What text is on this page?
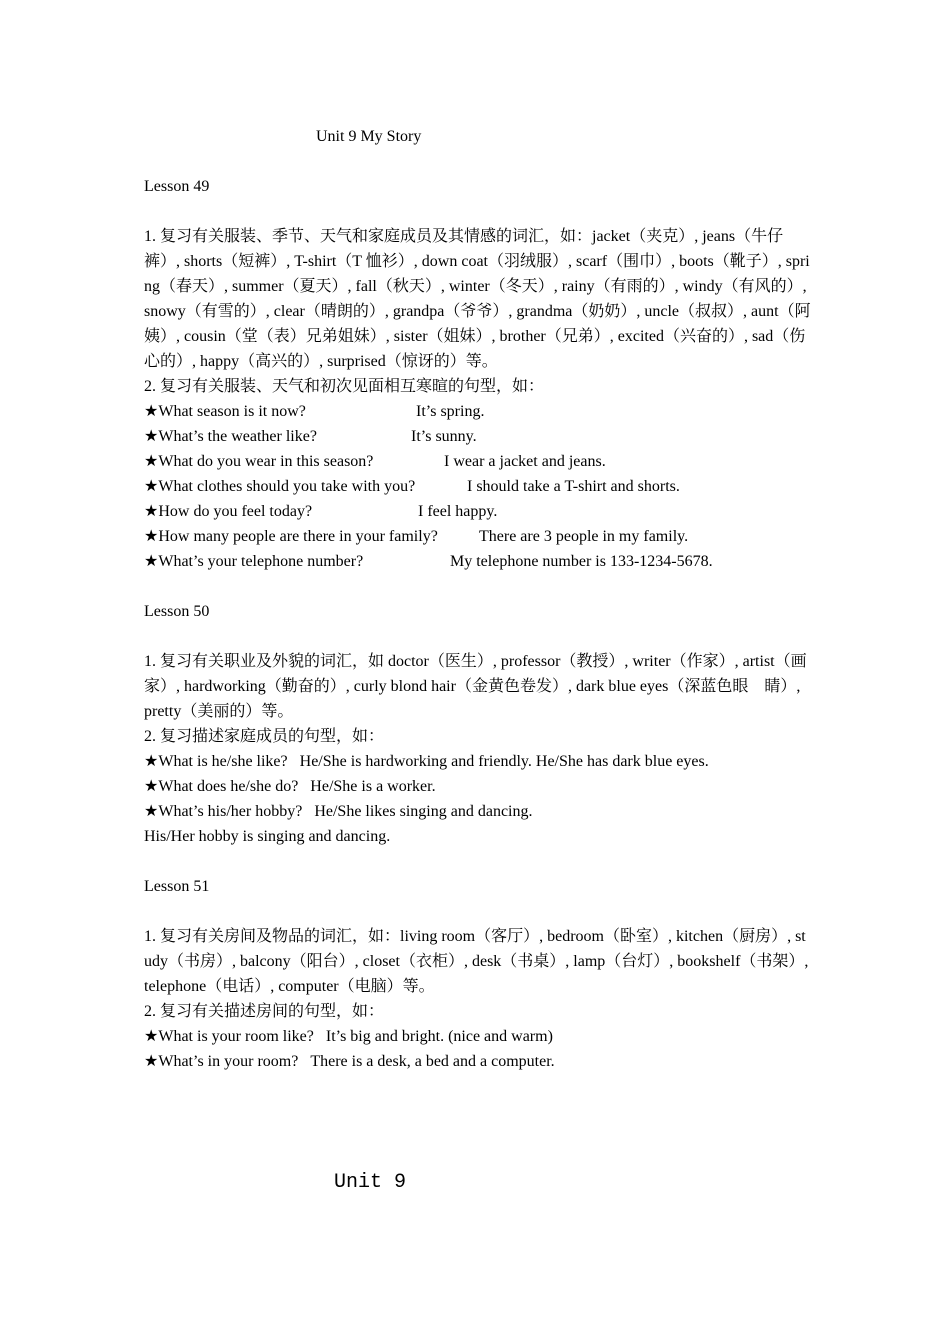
Unit 9 My Story
Lesson 49

1. 复习有关服装、季节、天气和家庭成员及其情感的词汇，如：jacket（夹克）, jeans（牛仔裤）, shorts（短裤）, T-shirt（T 恤衫）, down coat（羽绒服）, scarf（围巾）, boots（靴子）, spring（春天）, summer（夏天）, fall（秋天）, winter（冬天）, rainy（有雨的）, windy（有风的）, snowy（有雪的）, clear（晴朗的）, grandpa（爷爷）, grandma（奶奶）, uncle（叔叔）, aunt（阿姨）, cousin（堂（表）兄弟姐妹）, sister（姐妹）, brother（兄弟）, excited（兴奋的）, sad（伤心的）, happy（高兴的）, surprised（惊讶的）等。

2. 复习有关服装、天气和初次见面相互寒暄的句型，如：

★What season is it now?	It’s spring.
★What’s the weather like?	It’s sunny.
★What do you wear in this season?	I wear a jacket and jeans.
★What clothes should you take with you?	I should take a T-shirt and shorts.
★How do you feel today?	I feel happy.
★How many people are there in your family?	There are 3 people in my family.
★What’s your telephone number?	My telephone number is 133-1234-5678.
Lesson 50

1. 复习有关职业及外貌的词汇，如 doctor（医生）, professor（教授）, writer（作家）, artist（画家）, hardworking（勤奋的）, curly blond hair（金黄色卷发）, dark blue eyes（深蓝色眼　睛）, pretty（美丽的）等。

2. 复习描述家庭成员的句型，如：

★What is he/she like? He/She is hardworking and friendly. He/She has dark blue eyes.
★What does he/she do? He/She is a worker.
★What’s his/her hobby? He/She likes singing and dancing.

His/Her hobby is singing and dancing.

Lesson 51

1. 复习有关房间及物品的词汇，如：living room（客厅）, bedroom（卧室）, kitchen（厨房）, study（书房）, balcony（阳台）, closet（衣柜）, desk（书桌）, lamp（台灯）, bookshelf（书架）, telephone（电话）, computer（电脑）等。

2. 复习有关描述房间的句型，如：

★What is your room like? It’s big and bright. (nice and warm)
★What’s in your room? There is a desk, a bed and a computer.
Unit 9
